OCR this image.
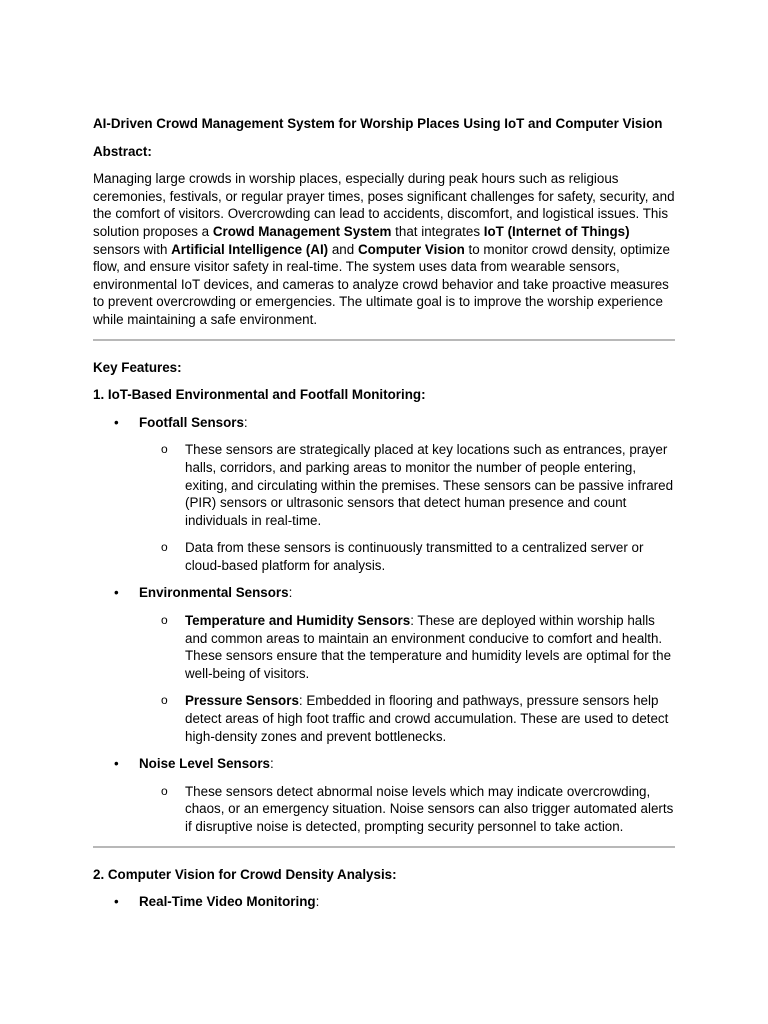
AI-Driven Crowd Management System for Worship Places Using IoT and Computer Vision

Abstract:

Managing large crowds in worship places, especially during peak hours such as religious ceremonies, festivals, or regular prayer times, poses significant challenges for safety, security, and the comfort of visitors. Overcrowding can lead to accidents, discomfort, and logistical issues. This solution proposes a Crowd Management System that integrates IoT (Internet of Things) sensors with Artificial Intelligence (AI) and Computer Vision to monitor crowd density, optimize flow, and ensure visitor safety in real-time. The system uses data from wearable sensors, environmental IoT devices, and cameras to analyze crowd behavior and take proactive measures to prevent overcrowding or emergencies. The ultimate goal is to improve the worship experience while maintaining a safe environment.

Key Features:

1. IoT-Based Environmental and Footfall Monitoring:

• Footfall Sensors:
o These sensors are strategically placed at key locations such as entrances, prayer halls, corridors, and parking areas to monitor the number of people entering, exiting, and circulating within the premises. These sensors can be passive infrared (PIR) sensors or ultrasonic sensors that detect human presence and count individuals in real-time.
o Data from these sensors is continuously transmitted to a centralized server or cloud-based platform for analysis.
• Environmental Sensors:
o Temperature and Humidity Sensors: These are deployed within worship halls and common areas to maintain an environment conducive to comfort and health. These sensors ensure that the temperature and humidity levels are optimal for the well-being of visitors.
o Pressure Sensors: Embedded in flooring and pathways, pressure sensors help detect areas of high foot traffic and crowd accumulation. These are used to detect high-density zones and prevent bottlenecks.
• Noise Level Sensors:
o These sensors detect abnormal noise levels which may indicate overcrowding, chaos, or an emergency situation. Noise sensors can also trigger automated alerts if disruptive noise is detected, prompting security personnel to take action.

2. Computer Vision for Crowd Density Analysis:

• Real-Time Video Monitoring:
